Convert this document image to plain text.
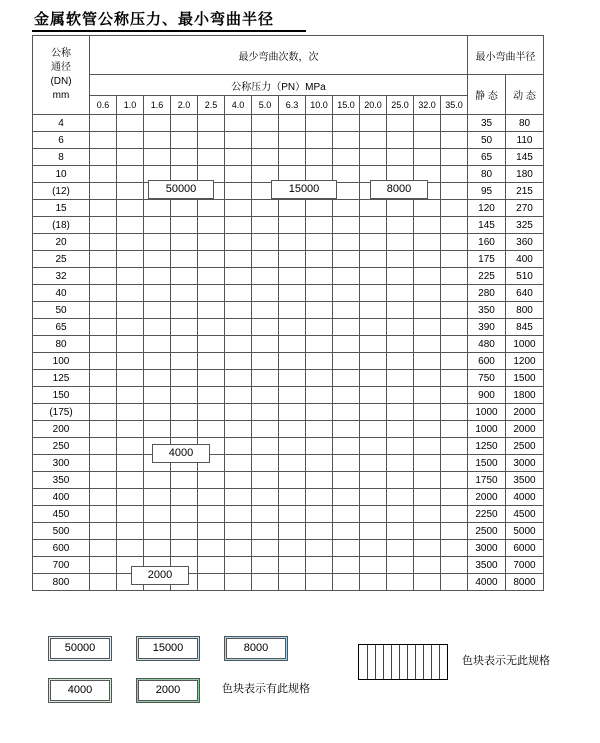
金属软管公称压力、最小弯曲半径
公称
通径
(DN)
mm	最少弯曲次数，次														最小弯曲半径	
	公称压力（PN）MPa														静 态	动 态
	0.6	1.0	1.6	2.0	2.5	4.0	5.0	6.3	10.0	15.0	20.0	25.0	32.0	35.0		
4															35	80
6															50	110
8															65	145
10															80	180
(12)															95	215
15															120	270
(18)															145	325
20															160	360
25															175	400
32															225	510
40															280	640
50															350	800
65															390	845
80															480	1000
100															600	1200
125															750	1500
150															900	1800
(175)															1000	2000
200															1000	2000
250															1250	2500
300															1500	3000
350															1750	3500
400															2000	4000
450															2250	4500
500															2500	5000
600															3000	6000
700															3500	7000
800															4000	8000
50000	15000	8000
4000	2000	色块表示有此规格
色块表示无此规格
50000	15000	8000
4000
2000
